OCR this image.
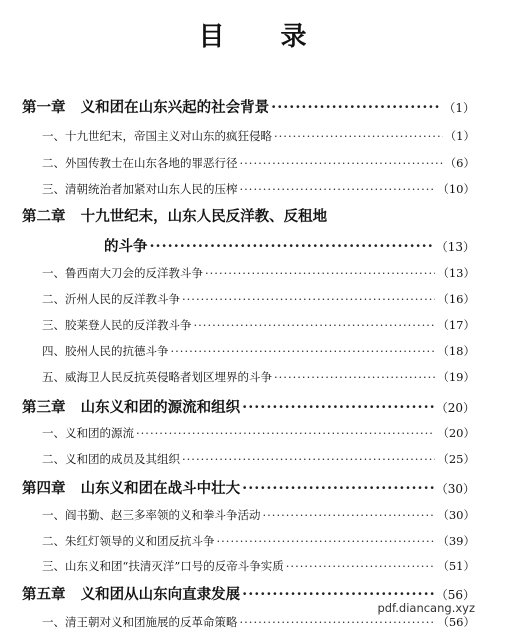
目 录
第一章 义和团在山东兴起的社会背景 ·····	（1）
一、十九世纪末，帝国主义对山东的疯狂侵略 ·····	（1）
二、外国传教士在山东各地的罪恶行径 ·····	（6）
三、清朝统治者加紧对山东人民的压榨 ·····	（10）
第二章 十九世纪末，山东人民反洋教、反租地
的斗争 ·····	（13）
一、鲁西南大刀会的反洋教斗争 ·····	（13）
二、沂州人民的反洋教斗争 ·····	（16）
三、胶莱登人民的反洋教斗争 ·····	（17）
四、胶州人民的抗德斗争 ·····	（18）
五、威海卫人民反抗英侵略者划区埋界的斗争 ·····	（19）
第三章 山东义和团的源流和组织 ·····	（20）
一、义和团的源流 ·····	（20）
二、义和团的成员及其组织 ·····	（25）
第四章 山东义和团在战斗中壮大 ·····	（30）
一、阎书勤、赵三多率领的义和拳斗争活动 ·····	（30）
二、朱红灯领导的义和团反抗斗争 ·····	（39）
三、山东义和团“扶清灭洋”口号的反帝斗争实质 ·····	（51）
第五章 义和团从山东向直隶发展 ·····	（56）
一、清王朝对义和团施展的反革命策略 ·····	（56）
pdf.diancang.xyz
